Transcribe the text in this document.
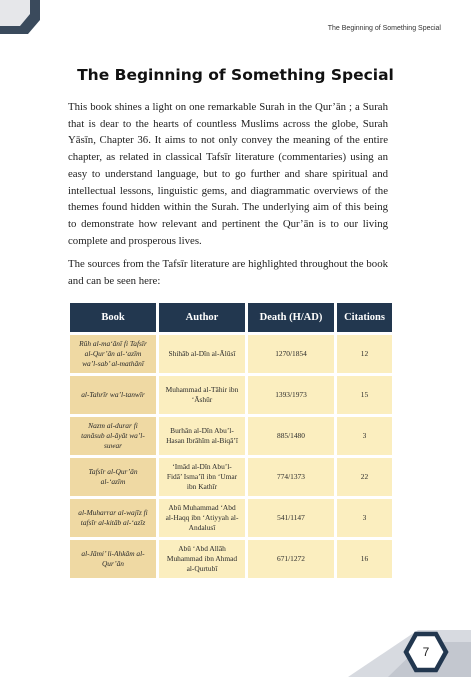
The Beginning of Something Special
The Beginning of Something Special

This book shines a light on one remarkable Surah in the Qur’ān ; a Surah that is dear to the hearts of countless Muslims across the globe, Surah Yāsīn, Chapter 36. It aims to not only convey the meaning of the entire chapter, as related in classical Tafsīr literature (commentaries) using an easy to understand language, but to go further and share spiritual and intellectual lessons, linguistic gems, and diagrammatic overviews of the themes found hidden within the Surah. The underlying aim of this being to demonstrate how relevant and pertinent the Qur’ān is to our living complete and prosperous lives.

The sources from the Tafsīr literature are highlighted throughout the book and can be seen here:

Book	Author	Death (H/AD)	Citations
Rūh al-ma‘ānī fi Tafsīr al-Qur’ān al-‘azīm wa’l-sab’ al-mathānī	Shihāb al-Dīn al-Ālūsī	1270/1854	12
al-Tahrīr wa’l-tanwīr	Muhammad al-Tāhir ibn ‘Āshūr	1393/1973	15
Nazm al-durar fi tanāsub al-āyāt wa’l-suwar	Burhān al-Dīn Abu’l-Hasan Ibrāhīm al-Biqā’ī	885/1480	3
Tafsīr al-Qur’ān al-‘azīm	‘Imād al-Dīn Abu’l-Fidā’ Isma’īl ibn ‘Umar ibn Kathīr	774/1373	22
al-Muharrar al-wajīz fi tafsīr al-kitāb al-‘azīz	Abū Muhammad ‘Abd al-Haqq ibn ‘Atiyyah al-Andalusī	541/1147	3
al-Jāmi’ li-Ahkām al-Qur’ān	Abū ‘Abd Allāh Muhammad ibn Ahmad al-Qurtubī	671/1272	16
7
